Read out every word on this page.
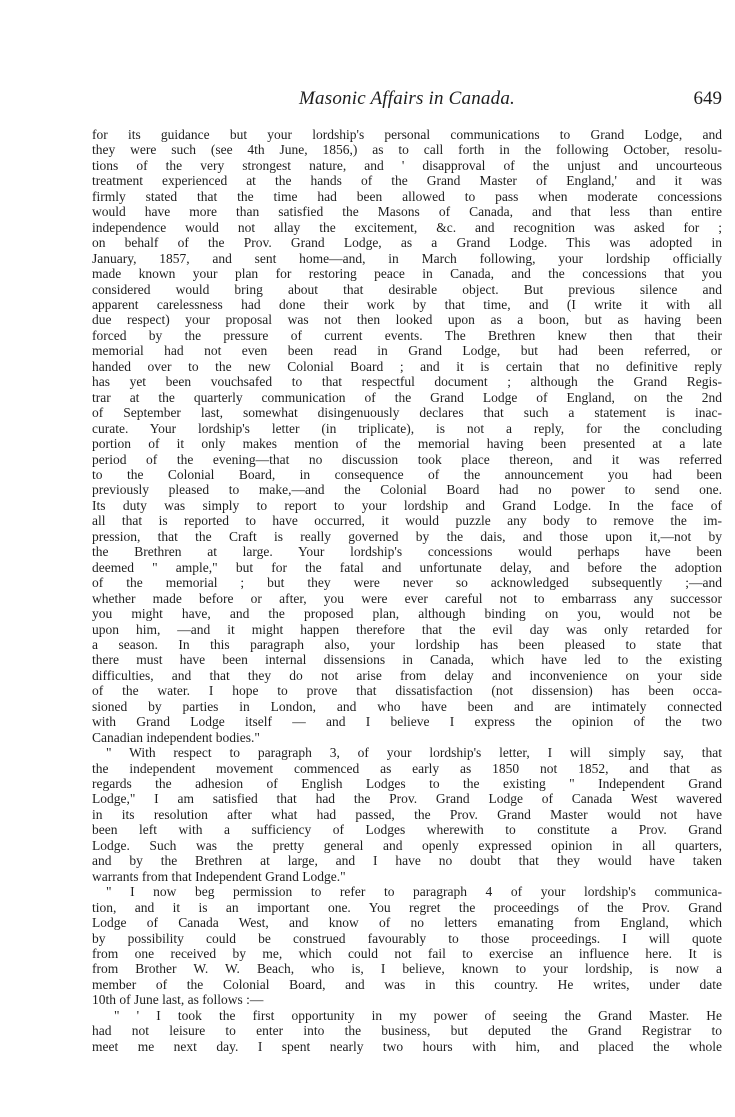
Masonic Affairs in Canada.	649

for its guidance but your lordship's personal communications to Grand Lodge, and

they were such (see 4th June, 1856,) as to call forth in the following October, resolu-

tions of the very strongest nature, and ' disapproval of the unjust and uncourteous

treatment experienced at the hands of the Grand Master of England,' and it was

firmly stated that the time had been allowed to pass when moderate concessions

would have more than satisfied the Masons of Canada, and that less than entire

independence would not allay the excitement, &c. and recognition was asked for ;

on behalf of the Prov. Grand Lodge, as a Grand Lodge. This was adopted in

January, 1857, and sent home—and, in March following, your lordship officially

made known your plan for restoring peace in Canada, and the concessions that you

considered would bring about that desirable object. But previous silence and

apparent carelessness had done their work by that time, and (I write it with all

due respect) your proposal was not then looked upon as a boon, but as having been

forced by the pressure of current events. The Brethren knew then that their

memorial had not even been read in Grand Lodge, but had been referred, or

handed over to the new Colonial Board ; and it is certain that no definitive reply

has yet been vouchsafed to that respectful document ; although the Grand Regis-

trar at the quarterly communication of the Grand Lodge of England, on the 2nd

of September last, somewhat disingenuously declares that such a statement is inac-

curate. Your lordship's letter (in triplicate), is not a reply, for the concluding

portion of it only makes mention of the memorial having been presented at a late

period of the evening—that no discussion took place thereon, and it was referred

to the Colonial Board, in consequence of the announcement you had been

previously pleased to make,—and the Colonial Board had no power to send one.

Its duty was simply to report to your lordship and Grand Lodge. In the face of

all that is reported to have occurred, it would puzzle any body to remove the im-

pression, that the Craft is really governed by the dais, and those upon it,—not by

the Brethren at large. Your lordship's concessions would perhaps have been

deemed " ample," but for the fatal and unfortunate delay, and before the adoption

of the memorial ; but they were never so acknowledged subsequently ;—and

whether made before or after, you were ever careful not to embarrass any successor

you might have, and the proposed plan, although binding on you, would not be

upon him, —and it might happen therefore that the evil day was only retarded for

a season. In this paragraph also, your lordship has been pleased to state that

there must have been internal dissensions in Canada, which have led to the existing

difficulties, and that they do not arise from delay and inconvenience on your side

of the water. I hope to prove that dissatisfaction (not dissension) has been occa-

sioned by parties in London, and who have been and are intimately connected

with Grand Lodge itself — and I believe I express the opinion of the two

Canadian independent bodies."

" With respect to paragraph 3, of your lordship's letter, I will simply say, that

the independent movement commenced as early as 1850 not 1852, and that as

regards the adhesion of English Lodges to the existing " Independent Grand

Lodge," I am satisfied that had the Prov. Grand Lodge of Canada West wavered

in its resolution after what had passed, the Prov. Grand Master would not have

been left with a sufficiency of Lodges wherewith to constitute a Prov. Grand

Lodge. Such was the pretty general and openly expressed opinion in all quarters,

and by the Brethren at large, and I have no doubt that they would have taken

warrants from that Independent Grand Lodge."

" I now beg permission to refer to paragraph 4 of your lordship's communica-

tion, and it is an important one. You regret the proceedings of the Prov. Grand

Lodge of Canada West, and know of no letters emanating from England, which

by possibility could be construed favourably to those proceedings. I will quote

from one received by me, which could not fail to exercise an influence here. It is

from Brother W. W. Beach, who is, I believe, known to your lordship, is now a

member of the Colonial Board, and was in this country. He writes, under date

10th of June last, as follows :—

" ' I took the first opportunity in my power of seeing the Grand Master. He

had not leisure to enter into the business, but deputed the Grand Registrar to

meet me next day. I spent nearly two hours with him, and placed the whole
